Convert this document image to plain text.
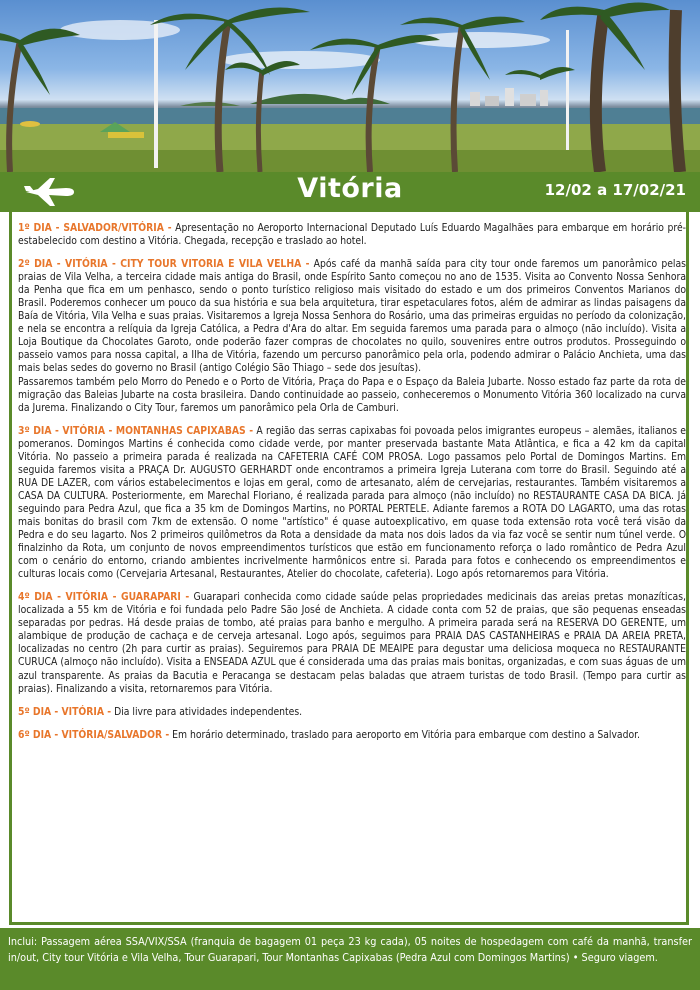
Vitória	12/02 a 17/02/21

1º DIA - SALVADOR/VITÓRIA - Apresentação no Aeroporto Internacional Deputado Luís Eduardo Magalhães para embarque em horário pré-estabelecido com destino a Vitória. Chegada, recepção e traslado ao hotel.

2º DIA - VITÓRIA - CITY TOUR VITORIA E VILA VELHA - Após café da manhã saída para city tour onde faremos um panorâmico pelas praias de Vila Velha, a terceira cidade mais antiga do Brasil, onde Espírito Santo começou no ano de 1535. Visita ao Convento Nossa Senhora da Penha que fica em um penhasco, sendo o ponto turístico religioso mais visitado do estado e um dos primeiros Conventos Marianos do Brasil. Poderemos conhecer um pouco da sua história e sua bela arquitetura, tirar espetaculares fotos, além de admirar as lindas paisagens da Baía de Vitória, Vila Velha e suas praias. Visitaremos a Igreja Nossa Senhora do Rosário, uma das primeiras erguidas no período da colonização, e nela se encontra a relíquia da Igreja Católica, a Pedra d'Ara do altar. Em seguida faremos uma parada para o almoço (não incluído). Visita a Loja Boutique da Chocolates Garoto, onde poderão fazer compras de chocolates no quilo, souvenires entre outros produtos. Prosseguindo o passeio vamos para nossa capital, a Ilha de Vitória, fazendo um percurso panorâmico pela orla, podendo admirar o Palácio Anchieta, uma das mais belas sedes do governo no Brasil (antigo Colégio São Thiago – sede dos jesuítas).

Passaremos também pelo Morro do Penedo e o Porto de Vitória, Praça do Papa e o Espaço da Baleia Jubarte. Nosso estado faz parte da rota de migração das Baleias Jubarte na costa brasileira. Dando continuidade ao passeio, conheceremos o Monumento Vitória 360 localizado na curva da Jurema. Finalizando o City Tour, faremos um panorâmico pela Orla de Camburi.

3º DIA - VITÓRIA - MONTANHAS CAPIXABAS - A região das serras capixabas foi povoada pelos imigrantes europeus – alemães, italianos e pomeranos. Domingos Martins é conhecida como cidade verde, por manter preservada bastante Mata Atlântica, e fica a 42 km da capital Vitória. No passeio a primeira parada é realizada na CAFETERIA CAFÉ COM PROSA. Logo passamos pelo Portal de Domingos Martins. Em seguida faremos visita a PRAÇA Dr. AUGUSTO GERHARDT onde encontramos a primeira Igreja Luterana com torre do Brasil. Seguindo até a RUA DE LAZER, com vários estabelecimentos e lojas em geral, como de artesanato, além de cervejarias, restaurantes. Também visitaremos a CASA DA CULTURA. Posteriormente, em Marechal Floriano, é realizada parada para almoço (não incluído) no RESTAURANTE CASA DA BICA. Já seguindo para Pedra Azul, que fica a 35 km de Domingos Martins, no PORTAL PERTELE. Adiante faremos a ROTA DO LAGARTO, uma das rotas mais bonitas do brasil com 7km de extensão. O nome "artístico" é quase autoexplicativo, em quase toda extensão rota você terá visão da Pedra e do seu lagarto. Nos 2 primeiros quilômetros da Rota a densidade da mata nos dois lados da via faz você se sentir num túnel verde. O finalzinho da Rota, um conjunto de novos empreendimentos turísticos que estão em funcionamento reforça o lado romântico de Pedra Azul com o cenário do entorno, criando ambientes incrivelmente harmônicos entre si. Parada para fotos e conhecendo os empreendimentos e culturas locais como (Cervejaria Artesanal, Restaurantes, Atelier do chocolate, cafeteria). Logo após retornaremos para Vitória.

4º DIA - VITÓRIA - GUARAPARI - Guarapari conhecida como cidade saúde pelas propriedades medicinais das areias pretas monazíticas, localizada a 55 km de Vitória e foi fundada pelo Padre São José de Anchieta. A cidade conta com 52 de praias, que são pequenas enseadas separadas por pedras. Há desde praias de tombo, até praias para banho e mergulho. A primeira parada será na RESERVA DO GERENTE, um alambique de produção de cachaça e de cerveja artesanal. Logo após, seguimos para PRAIA DAS CASTANHEIRAS e PRAIA DA AREIA PRETA, localizadas no centro (2h para curtir as praias). Seguiremos para PRAIA DE MEAIPE para degustar uma deliciosa moqueca no RESTAURANTE CURUCA (almoço não incluído). Visita a ENSEADA AZUL que é considerada uma das praias mais bonitas, organizadas, e com suas águas de um azul transparente. As praias da Bacutia e Peracanga se destacam pelas baladas que atraem turistas de todo Brasil. (Tempo para curtir as praias). Finalizando a visita, retornaremos para Vitória.

5º DIA - VITÓRIA - Dia livre para atividades independentes.

6º DIA - VITÓRIA/SALVADOR - Em horário determinado, traslado para aeroporto em Vitória para embarque com destino a Salvador.

Inclui: Passagem aérea SSA/VIX/SSA (franquia de bagagem 01 peça 23 kg cada), 05 noites de hospedagem com café da manhã, transfer in/out, City tour Vitória e Vila Velha, Tour Guarapari, Tour Montanhas Capixabas (Pedra Azul com Domingos Martins) • Seguro viagem.
